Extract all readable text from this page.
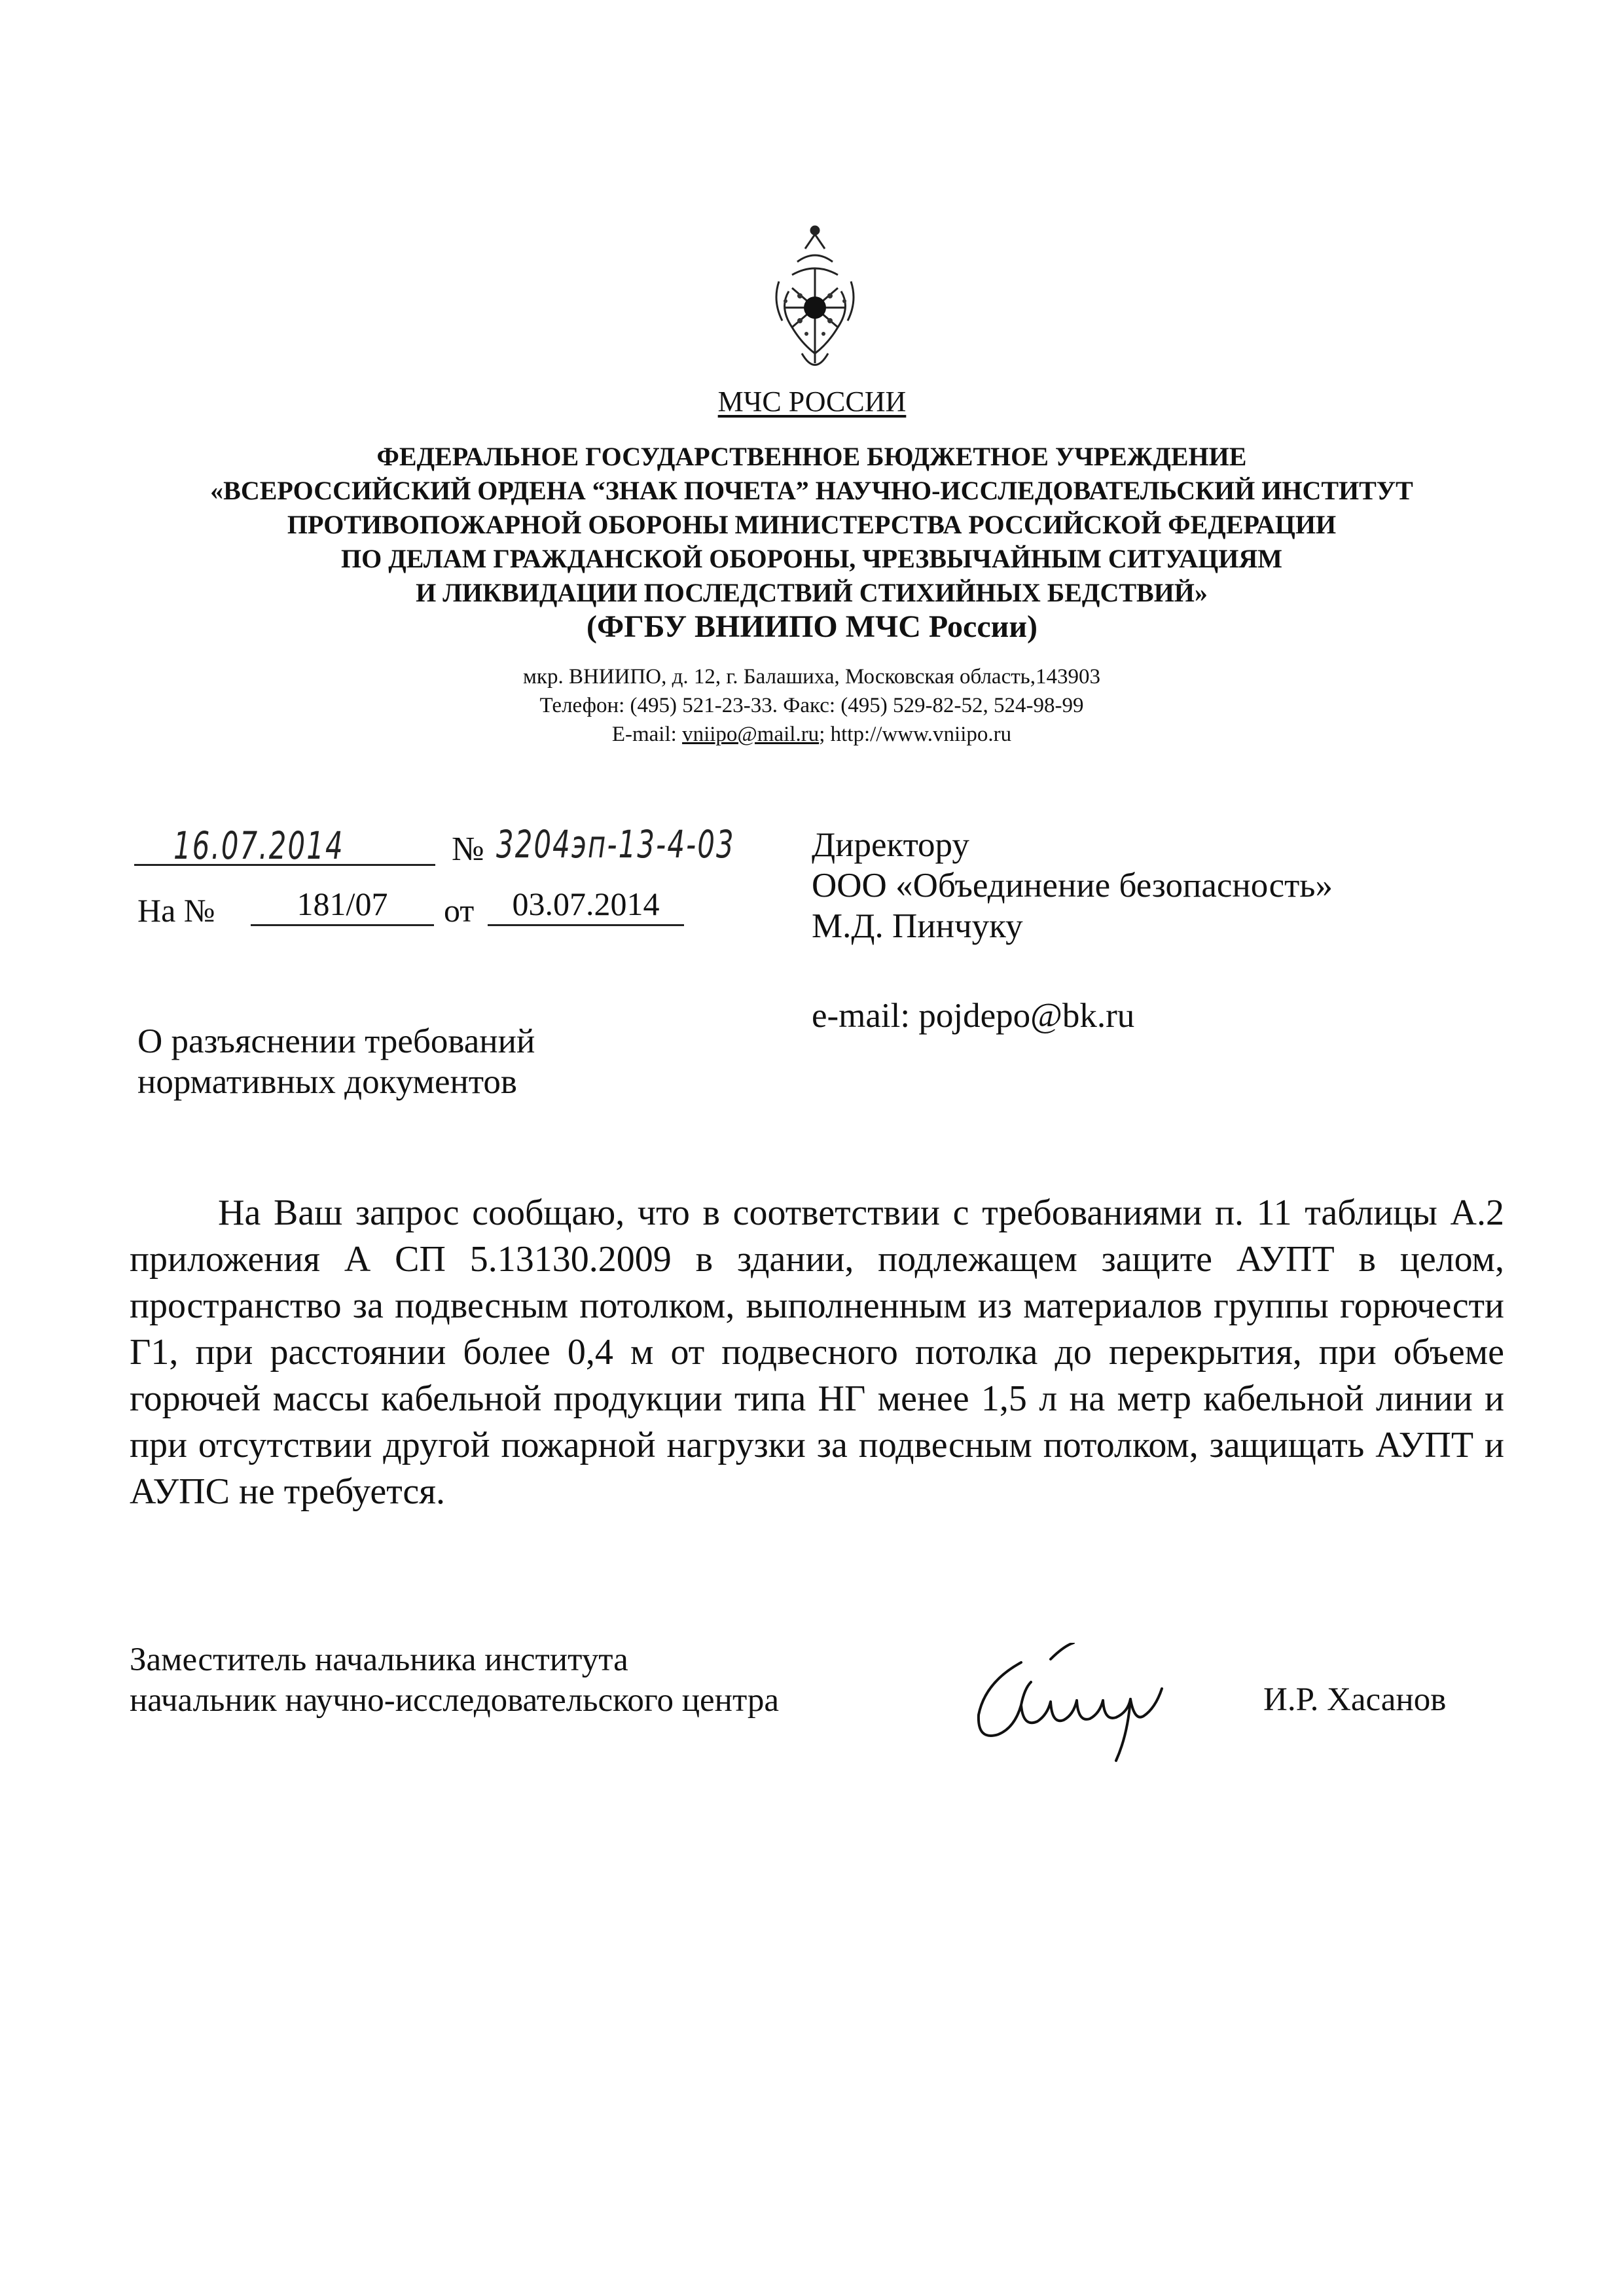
МЧС РОССИИ
ФЕДЕРАЛЬНОЕ ГОСУДАРСТВЕННОЕ БЮДЖЕТНОЕ УЧРЕЖДЕНИЕ
«ВСЕРОССИЙСКИЙ ОРДЕНА “ЗНАК ПОЧЕТА” НАУЧНО-ИССЛЕДОВАТЕЛЬСКИЙ ИНСТИТУТ
ПРОТИВОПОЖАРНОЙ ОБОРОНЫ МИНИСТЕРСТВА РОССИЙСКОЙ ФЕДЕРАЦИИ
ПО ДЕЛАМ ГРАЖДАНСКОЙ ОБОРОНЫ, ЧРЕЗВЫЧАЙНЫМ СИТУАЦИЯМ
И ЛИКВИДАЦИИ ПОСЛЕДСТВИЙ СТИХИЙНЫХ БЕДСТВИЙ»
(ФГБУ ВНИИПО МЧС России)
мкр. ВНИИПО, д. 12, г. Балашиха, Московская область,143903
Телефон: (495) 521-23-33. Факс: (495) 529-82-52, 524-98-99
E-mail: vniipo@mail.ru; http://www.vniipo.ru
16.07.2014	№ 3204эп-13-4-03
На №	181/07	от	03.07.2014
Директору
ООО «Объединение безопасность»
М.Д. Пинчуку
e-mail: pojdepo@bk.ru
О разъяснении требований
нормативных документов
На Ваш запрос сообщаю, что в соответствии с требованиями п. 11 таблицы А.2 приложения А СП 5.13130.2009 в здании, подлежащем защите АУПТ в целом, пространство за подвесным потолком, выполненным из материалов группы горючести Г1, при расстоянии более 0,4 м от подвесного потолка до перекрытия, при объеме горючей массы кабельной продукции типа НГ менее 1,5 л на метр кабельной линии и при отсутствии другой пожарной нагрузки за подвесным потолком, защищать АУПТ и АУПС не требуется.
Заместитель начальника института
начальник научно-исследовательского центра	И.Р. Хасанов
